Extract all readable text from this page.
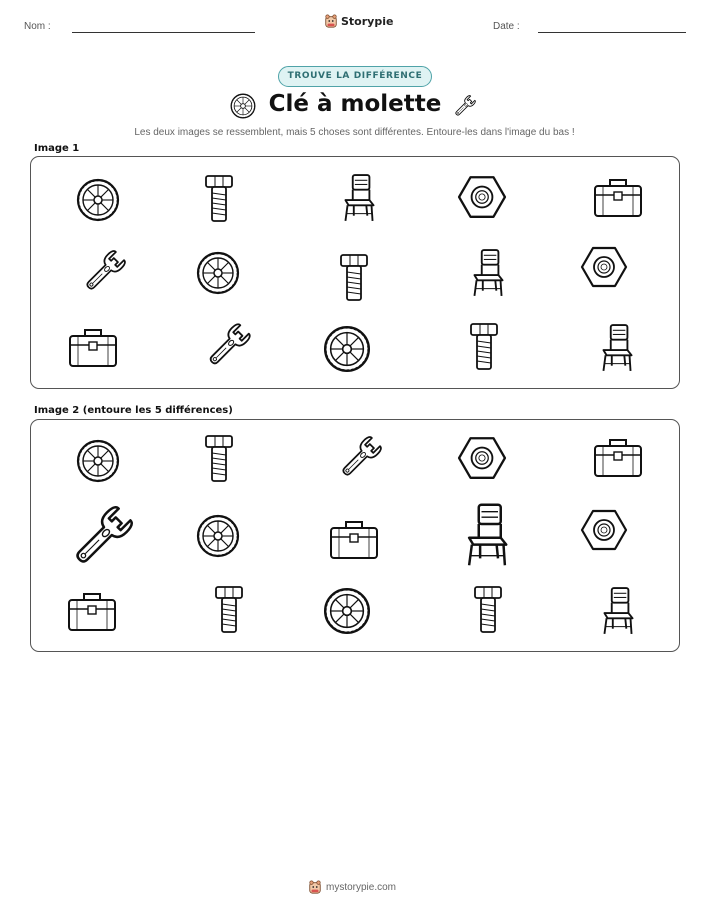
Nom :	Storypie	Date :
TROUVE LA DIFFÉRENCE
Clé à molette
Les deux images se ressemblent, mais 5 choses sont différentes. Entoure-les dans l'image du bas !
Image 1
Image 2 (entoure les 5 différences)
mystorypie.com
